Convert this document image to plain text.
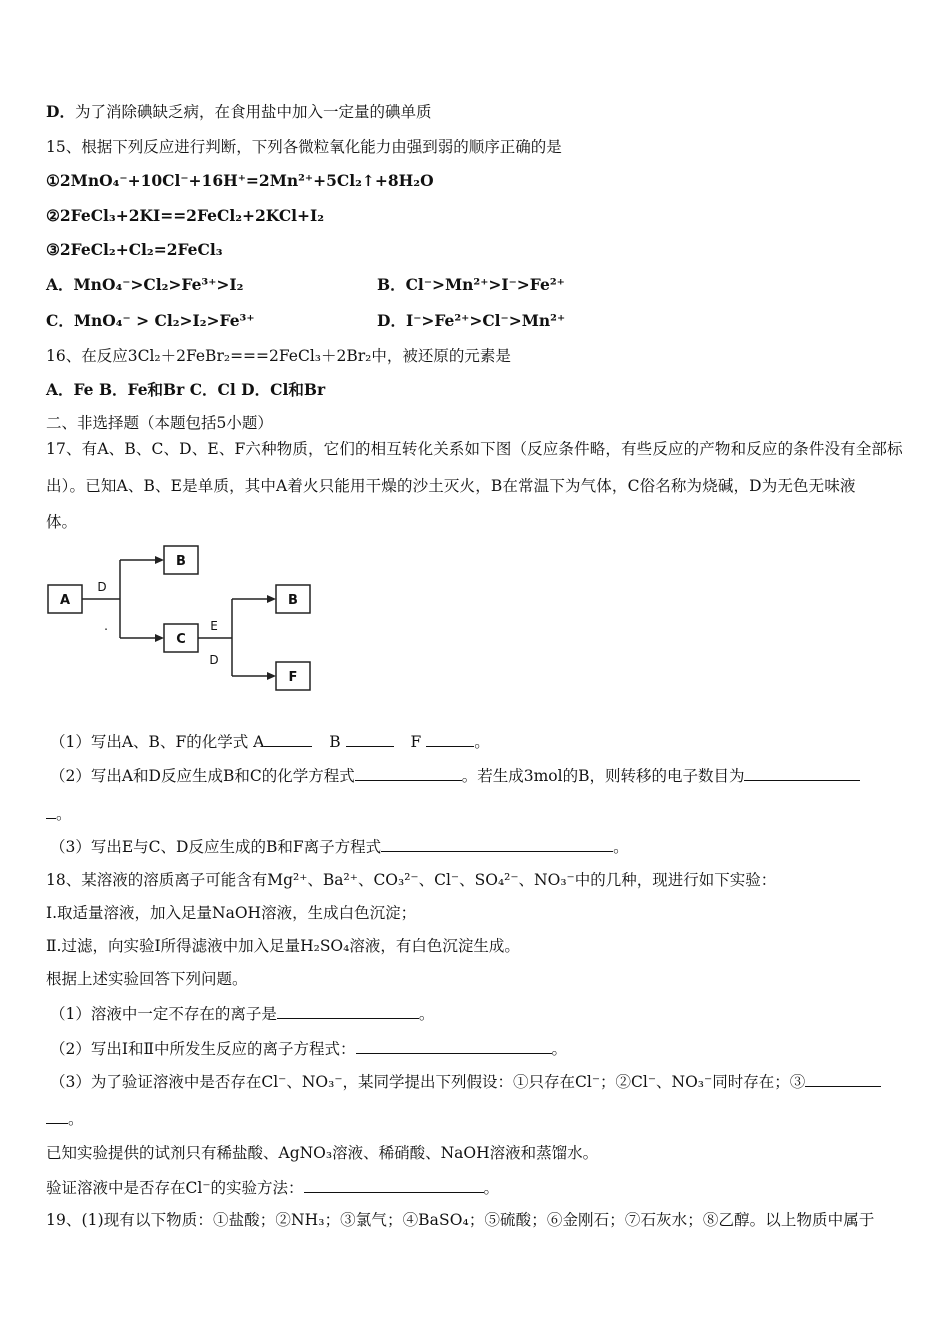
D．为了消除碘缺乏病，在食用盐中加入一定量的碘单质
15、根据下列反应进行判断，下列各微粒氧化能力由强到弱的顺序正确的是
①2MnO₄⁻+10Cl⁻+16H⁺=2Mn²⁺+5Cl₂↑+8H₂O
②2FeCl₃+2KI==2FeCl₂+2KCl+I₂
③2FeCl₂+Cl₂=2FeCl₃
A．MnO₄⁻>Cl₂>Fe³⁺>I₂	B．Cl⁻>Mn²⁺>I⁻>Fe²⁺
C．MnO₄⁻ > Cl₂>I₂>Fe³⁺	D．I⁻>Fe²⁺>Cl⁻>Mn²⁺
16、在反应3Cl₂＋2FeBr₂===2FeCl₃＋2Br₂中，被还原的元素是
A．Fe B．Fe和Br C．Cl D．Cl和Br
二、非选择题（本题包括5小题）
17、有A、B、C、D、E、F六种物质，它们的相互转化关系如下图（反应条件略，有些反应的产物和反应的条件没有全部标
出）。已知A、B、E是单质，其中A着火只能用干燥的沙土灭火，B在常温下为气体，C俗名称为烧碱，D为无色无味液
体。
A
B
C
B
F
D
.	E
D
（1）写出A、B、F的化学式 A	B	F	。
（2）写出A和D反应生成B和C的化学方程式	。若生成3mol的B，则转移的电子数目为
。
（3）写出E与C、D反应生成的B和F离子方程式	。
18、某溶液的溶质离子可能含有Mg²⁺、Ba²⁺、CO₃²⁻、Cl⁻、SO₄²⁻、NO₃⁻中的几种，现进行如下实验：
Ⅰ.取适量溶液，加入足量NaOH溶液，生成白色沉淀；
Ⅱ.过滤，向实验Ⅰ所得滤液中加入足量H₂SO₄溶液，有白色沉淀生成。
根据上述实验回答下列问题。
（1）溶液中一定不存在的离子是	。
（2）写出Ⅰ和Ⅱ中所发生反应的离子方程式：	。
（3）为了验证溶液中是否存在Cl⁻、NO₃⁻，某同学提出下列假设：①只存在Cl⁻；②Cl⁻、NO₃⁻同时存在；③
。
已知实验提供的试剂只有稀盐酸、AgNO₃溶液、稀硝酸、NaOH溶液和蒸馏水。
验证溶液中是否存在Cl⁻的实验方法：	。
19、(1)现有以下物质：①盐酸；②NH₃；③氯气；④BaSO₄；⑤硫酸；⑥金刚石；⑦石灰水；⑧乙醇。以上物质中属于
